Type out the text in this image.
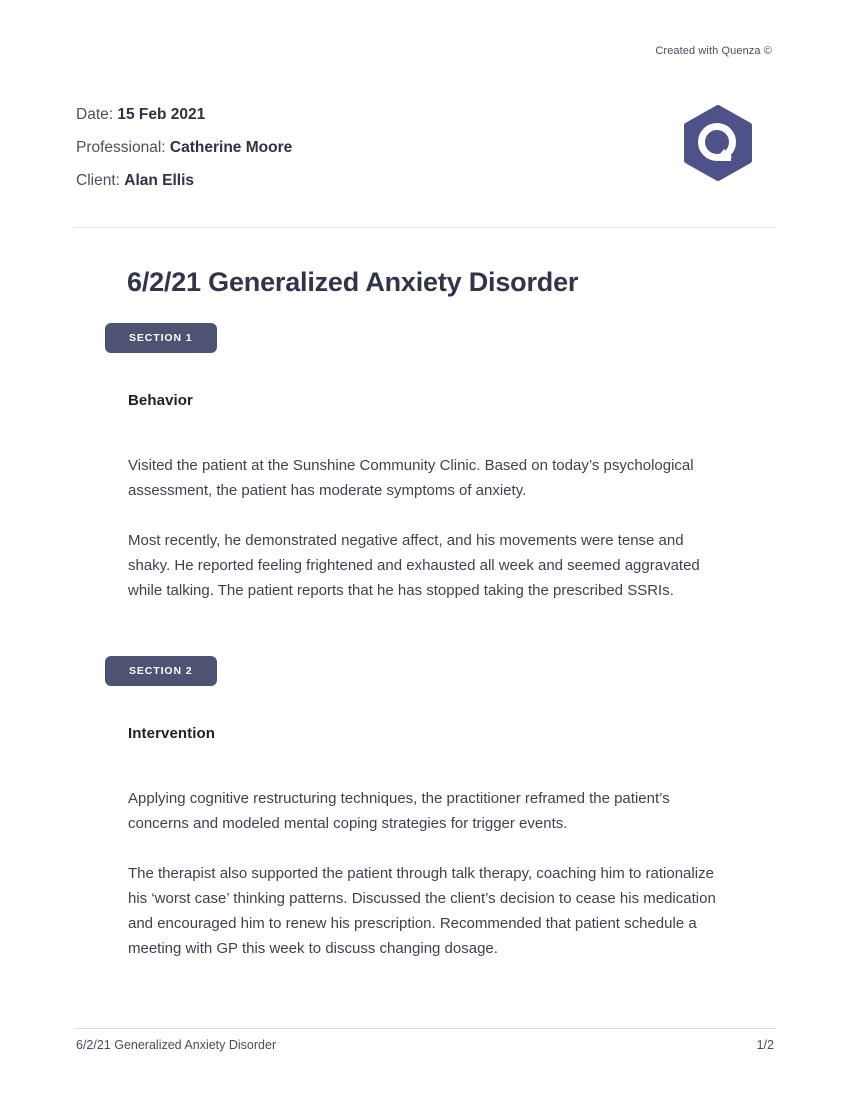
Created with Quenza ©
Date: 15 Feb 2021
Professional: Catherine Moore
Client: Alan Ellis
6/2/21 Generalized Anxiety Disorder
SECTION 1
Behavior

Visited the patient at the Sunshine Community Clinic. Based on today’s psychological assessment, the patient has moderate symptoms of anxiety.

Most recently, he demonstrated negative affect, and his movements were tense and shaky. He reported feeling frightened and exhausted all week and seemed aggravated while talking. The patient reports that he has stopped taking the prescribed SSRIs.

SECTION 2
Intervention

Applying cognitive restructuring techniques, the practitioner reframed the patient’s concerns and modeled mental coping strategies for trigger events.

The therapist also supported the patient through talk therapy, coaching him to rationalize his ‘worst case’ thinking patterns. Discussed the client’s decision to cease his medication and encouraged him to renew his prescription. Recommended that patient schedule a meeting with GP this week to discuss changing dosage.

6/2/21 Generalized Anxiety Disorder	1/2
